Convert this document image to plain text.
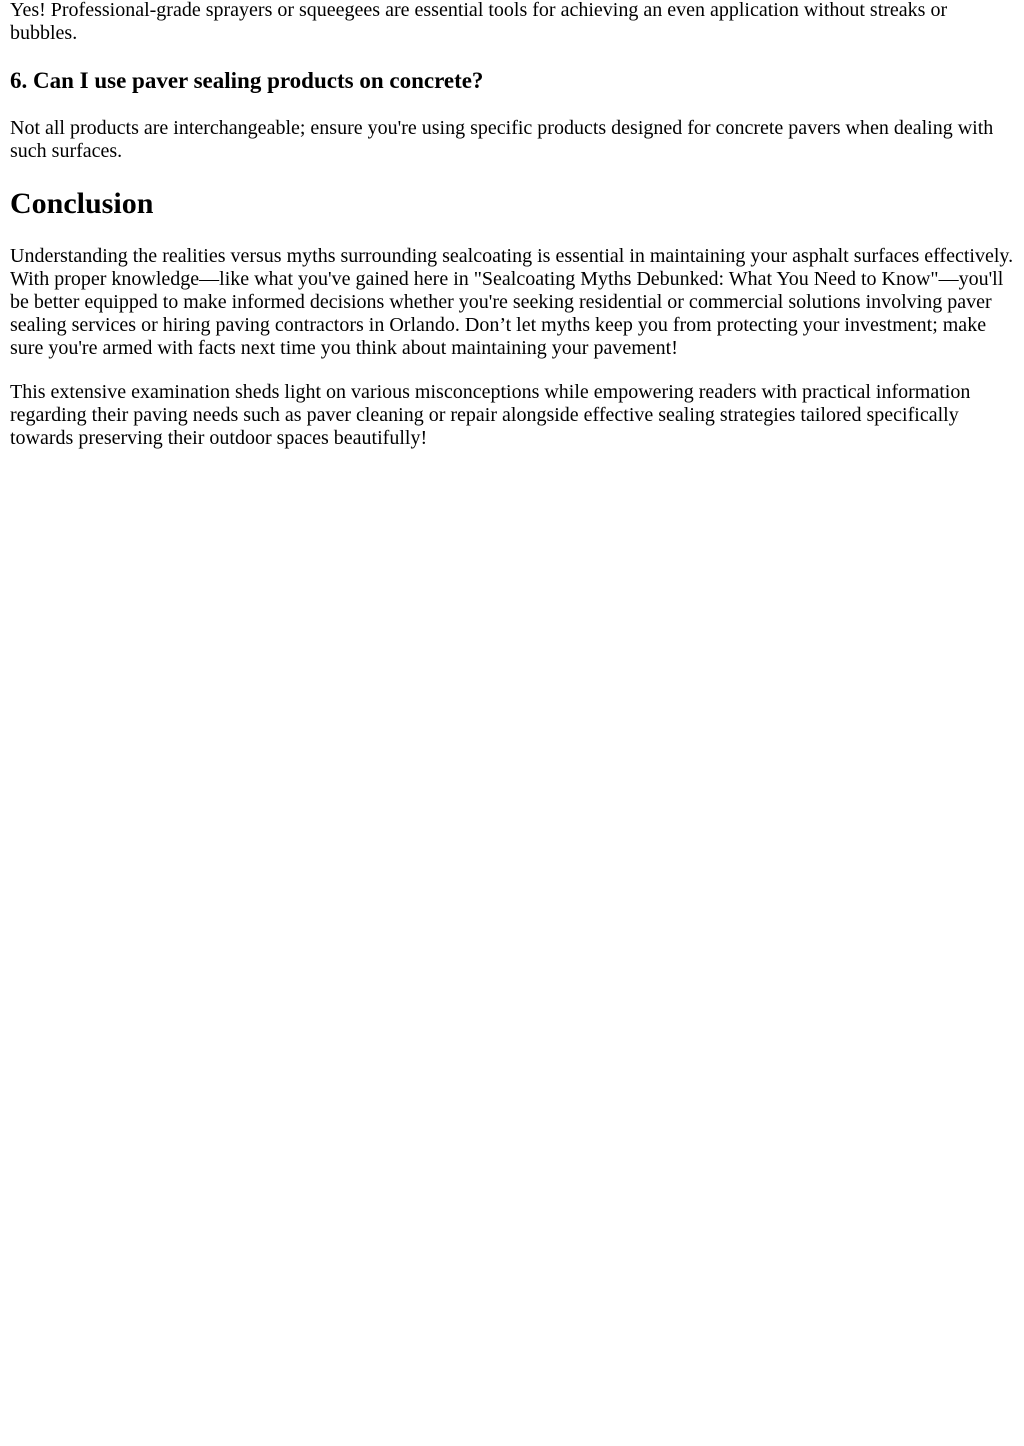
Yes! Professional-grade sprayers or squeegees are essential tools for achieving an even application without streaks or bubbles.

6. Can I use paver sealing products on concrete?

Not all products are interchangeable; ensure you're using specific products designed for concrete pavers when dealing with such surfaces.

Conclusion

Understanding the realities versus myths surrounding sealcoating is essential in maintaining your asphalt surfaces effectively. With proper knowledge—like what you've gained here in "Sealcoating Myths Debunked: What You Need to Know"—you'll be better equipped to make informed decisions whether you're seeking residential or commercial solutions involving paver sealing services or hiring paving contractors in Orlando. Don’t let myths keep you from protecting your investment; make sure you're armed with facts next time you think about maintaining your pavement!

This extensive examination sheds light on various misconceptions while empowering readers with practical information regarding their paving needs such as paver cleaning or repair alongside effective sealing strategies tailored specifically towards preserving their outdoor spaces beautifully!
